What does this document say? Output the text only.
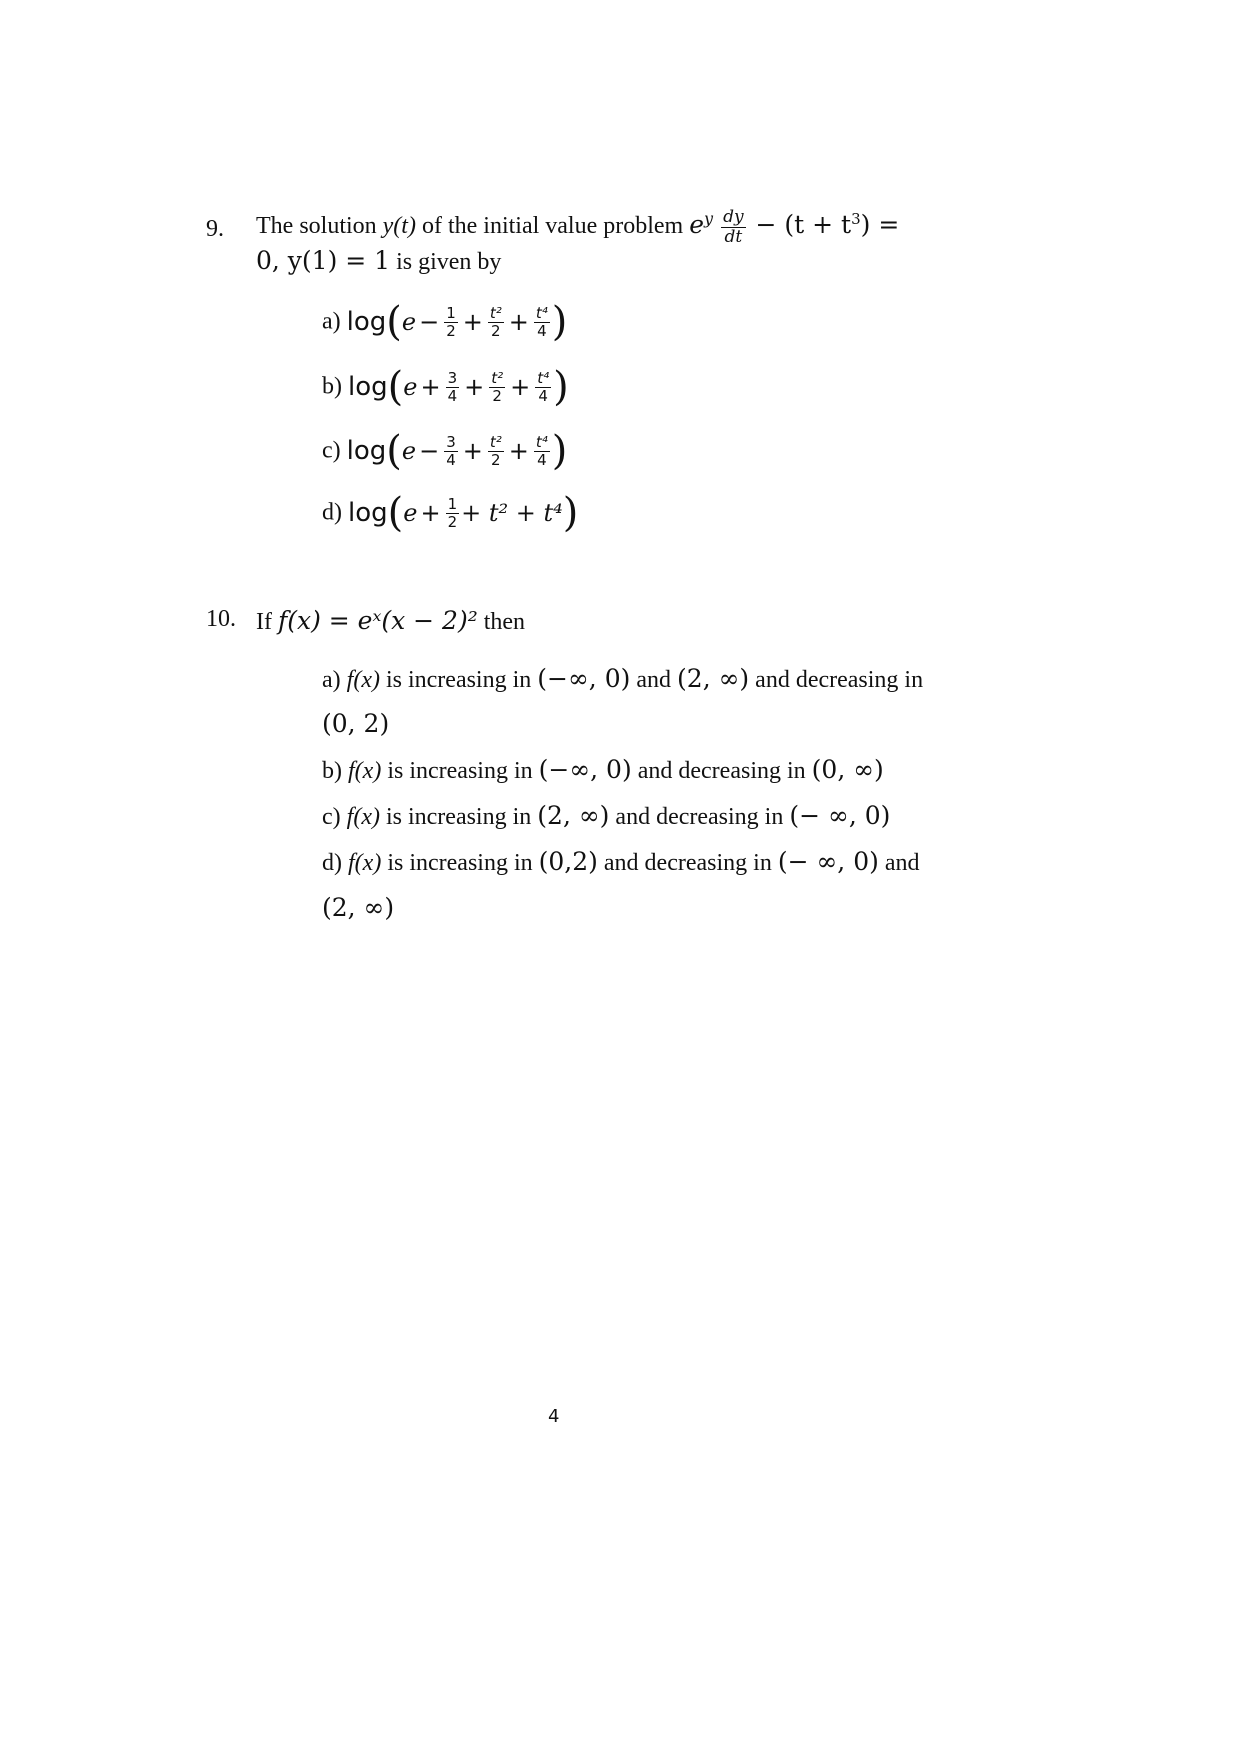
9. The solution y(t) of the initial value problem $e^y \frac{dy}{dt} - (t + t^3)$ =
0, y(1) = 1 is given by
a) $\log(e - \frac{1}{2} + \frac{\text{t²}}{2} + \frac{\text{t⁴}}{4}$ )
b) $\log(e + \frac{3}{4} + \frac{\text{t²}}{2} + \frac{\text{t⁴}}{4}$ )
c) $\log(e - \frac{3}{4} + \frac{\text{t²}}{2} + \frac{\text{t⁴}}{4}$ )
d) $\log(e + \frac{1}{2} + t^2 + t^4)$
10. If f(x) = eˣ(x − 2)² then
a) f(x) is increasing in (−∞, 0) and (2, ∞) and decreasing in
(0, 2)
b) f(x) is increasing in (−∞, 0) and decreasing in (0, ∞)
c) f(x) is increasing in (2, ∞) and decreasing in (− ∞, 0)
d) f(x) is increasing in (0,2) and decreasing in (− ∞, 0) and
(2, ∞)
4
